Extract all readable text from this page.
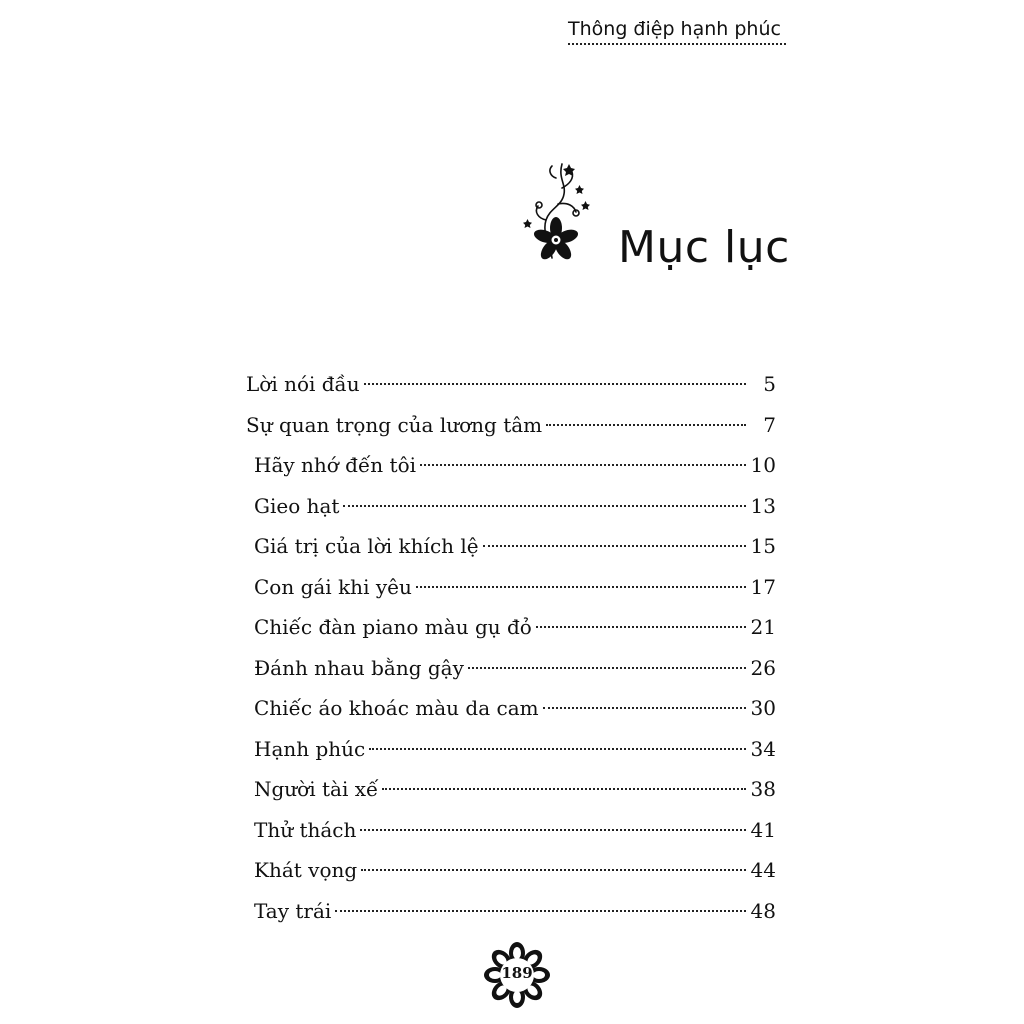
Thông điệp hạnh phúc
Mục lục
Lời nói đầu	5
Sự quan trọng của lương tâm	7
Hãy nhớ đến tôi	10
Gieo hạt	13
Giá trị của lời khích lệ	15
Con gái khi yêu	17
Chiếc đàn piano màu gụ đỏ	21
Đánh nhau bằng gậy	26
Chiếc áo khoác màu da cam	30
Hạnh phúc	34
Người tài xế	38
Thử thách	41
Khát vọng	44
Tay trái	48
189
